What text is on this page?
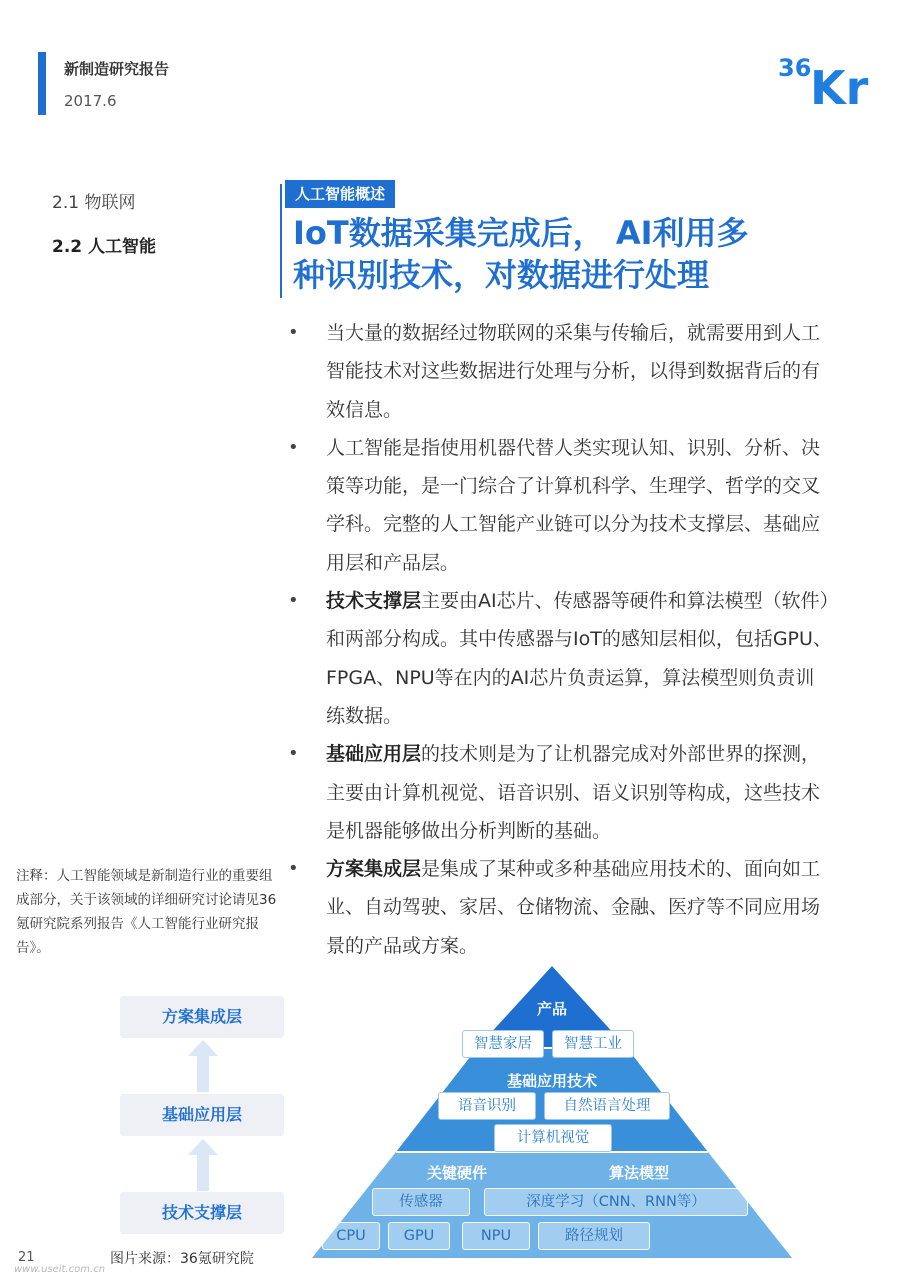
新制造研究报告
2017.6
36
Kr
2.1 物联网
2.2 人工智能
人工智能概述
IoT数据采集完成后， AI利用多
种识别技术，对数据进行处理
• 当大量的数据经过物联网的采集与传输后，就需要用到人工智能技术对这些数据进行处理与分析，以得到数据背后的有效信息。
• 人工智能是指使用机器代替人类实现认知、识别、分析、决策等功能，是一门综合了计算机科学、生理学、哲学的交叉学科。完整的人工智能产业链可以分为技术支撑层、基础应用层和产品层。
• 技术支撑层主要由AI芯片、传感器等硬件和算法模型（软件）和两部分构成。其中传感器与IoT的感知层相似，包括GPU、FPGA、NPU等在内的AI芯片负责运算，算法模型则负责训练数据。
• 基础应用层的技术则是为了让机器完成对外部世界的探测，主要由计算机视觉、语音识别、语义识别等构成，这些技术是机器能够做出分析判断的基础。
• 方案集成层是集成了某种或多种基础应用技术的、面向如工业、自动驾驶、家居、仓储物流、金融、医疗等不同应用场景的产品或方案。
注释：人工智能领域是新制造行业的重要组成部分，关于该领域的详细研究讨论请见36氪研究院系列报告《人工智能行业研究报告》。
方案集成层
基础应用层
技术支撑层
产品
智慧家居	智慧工业
基础应用技术
语音识别	自然语言处理
计算机视觉
关键硬件	算法模型
传感器	深度学习（CNN、RNN等）
CPU	GPU	NPU	路径规划
21	图片来源：36氪研究院
www.useit.com.cn
